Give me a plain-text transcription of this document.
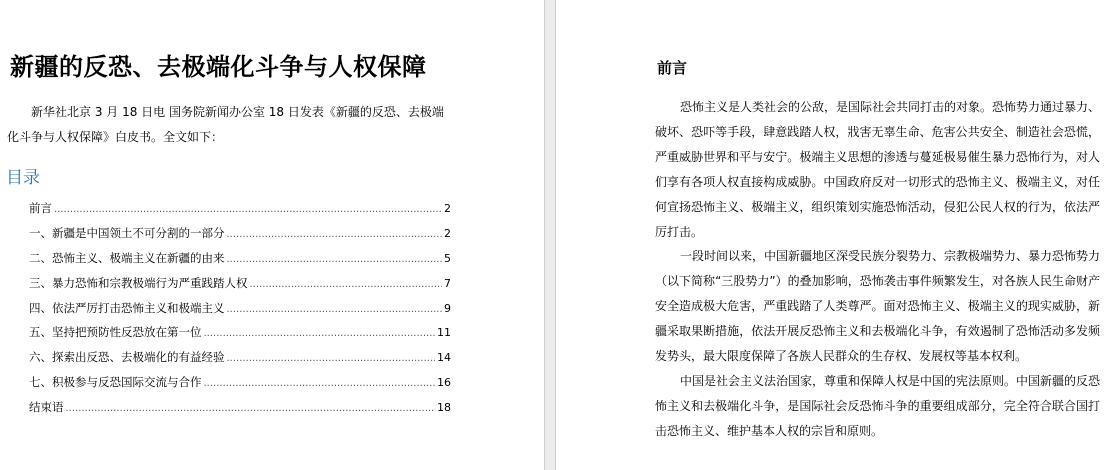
新疆的反恐、去极端化斗争与人权保障
新华社北京 3 月 18 日电 国务院新闻办公室 18 日发表《新疆的反恐、去极端化斗争与人权保障》白皮书。全文如下：
目录
前言 .....	2
一、新疆是中国领土不可分割的一部分 .....	2
二、恐怖主义、极端主义在新疆的由来 .....	5
三、暴力恐怖和宗教极端行为严重践踏人权 .....	7
四、依法严厉打击恐怖主义和极端主义 .....	9
五、坚持把预防性反恐放在第一位 .....	11
六、探索出反恐、去极端化的有益经验 .....	14
七、积极参与反恐国际交流与合作 .....	16
结束语 .....	18
前言

恐怖主义是人类社会的公敌，是国际社会共同打击的对象。恐怖势力通过暴力、破坏、恐吓等手段，肆意践踏人权，戕害无辜生命、危害公共安全、制造社会恐慌，严重威胁世界和平与安宁。极端主义思想的渗透与蔓延极易催生暴力恐怖行为，对人们享有各项人权直接构成威胁。中国政府反对一切形式的恐怖主义、极端主义，对任何宣扬恐怖主义、极端主义，组织策划实施恐怖活动，侵犯公民人权的行为，依法严厉打击。

一段时间以来，中国新疆地区深受民族分裂势力、宗教极端势力、暴力恐怖势力（以下简称“三股势力”）的叠加影响，恐怖袭击事件频繁发生，对各族人民生命财产安全造成极大危害，严重践踏了人类尊严。面对恐怖主义、极端主义的现实威胁，新疆采取果断措施，依法开展反恐怖主义和去极端化斗争，有效遏制了恐怖活动多发频发势头，最大限度保障了各族人民群众的生存权、发展权等基本权利。

中国是社会主义法治国家，尊重和保障人权是中国的宪法原则。中国新疆的反恐怖主义和去极端化斗争，是国际社会反恐怖斗争的重要组成部分，完全符合联合国打击恐怖主义、维护基本人权的宗旨和原则。
